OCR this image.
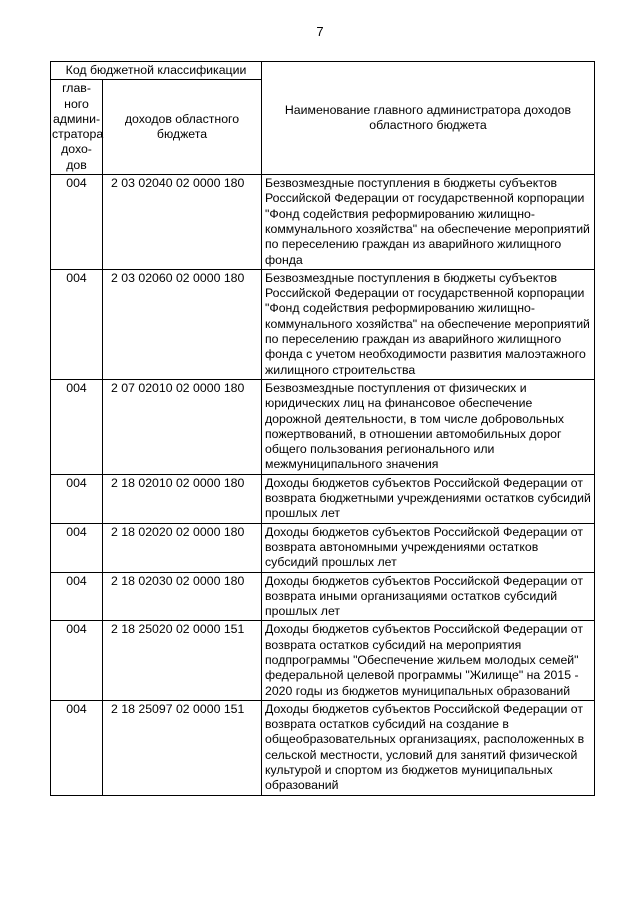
7
Код бюджетной классификации		Наименование главного администратора доходов областного бюджета
глав-ного админи-стратора дохо-дов	доходов областного бюджета	
004	2 03 02040 02 0000 180	Безвозмездные поступления в бюджеты субъектов Российской Федерации от государственной корпорации "Фонд содействия реформированию жилищно-коммунального хозяйства" на обеспечение мероприятий по переселению граждан из аварийного жилищного фонда
004	2 03 02060 02 0000 180	Безвозмездные поступления в бюджеты субъектов Российской Федерации от государственной корпорации "Фонд содействия реформированию жилищно-коммунального хозяйства" на обеспечение мероприятий по переселению граждан из аварийного жилищного фонда с учетом необходимости развития малоэтажного жилищного строительства
004	2 07 02010 02 0000 180	Безвозмездные поступления от физических и юридических лиц на финансовое обеспечение дорожной деятельности, в том числе добровольных пожертвований, в отношении автомобильных дорог общего пользования регионального или межмуниципального значения
004	2 18 02010 02 0000 180	Доходы бюджетов субъектов Российской Федерации от возврата бюджетными учреждениями остатков субсидий прошлых лет
004	2 18 02020 02 0000 180	Доходы бюджетов субъектов Российской Федерации от возврата автономными учреждениями остатков субсидий прошлых лет
004	2 18 02030 02 0000 180	Доходы бюджетов субъектов Российской Федерации от возврата иными организациями остатков субсидий прошлых лет
004	2 18 25020 02 0000 151	Доходы бюджетов субъектов Российской Федерации от возврата остатков субсидий на мероприятия подпрограммы "Обеспечение жильем молодых семей" федеральной целевой программы "Жилище" на 2015 - 2020 годы из бюджетов муниципальных образований
004	2 18 25097 02 0000 151	Доходы бюджетов субъектов Российской Федерации от возврата остатков субсидий на создание в общеобразовательных организациях, расположенных в сельской местности, условий для занятий физической культурой и спортом из бюджетов муниципальных образований
